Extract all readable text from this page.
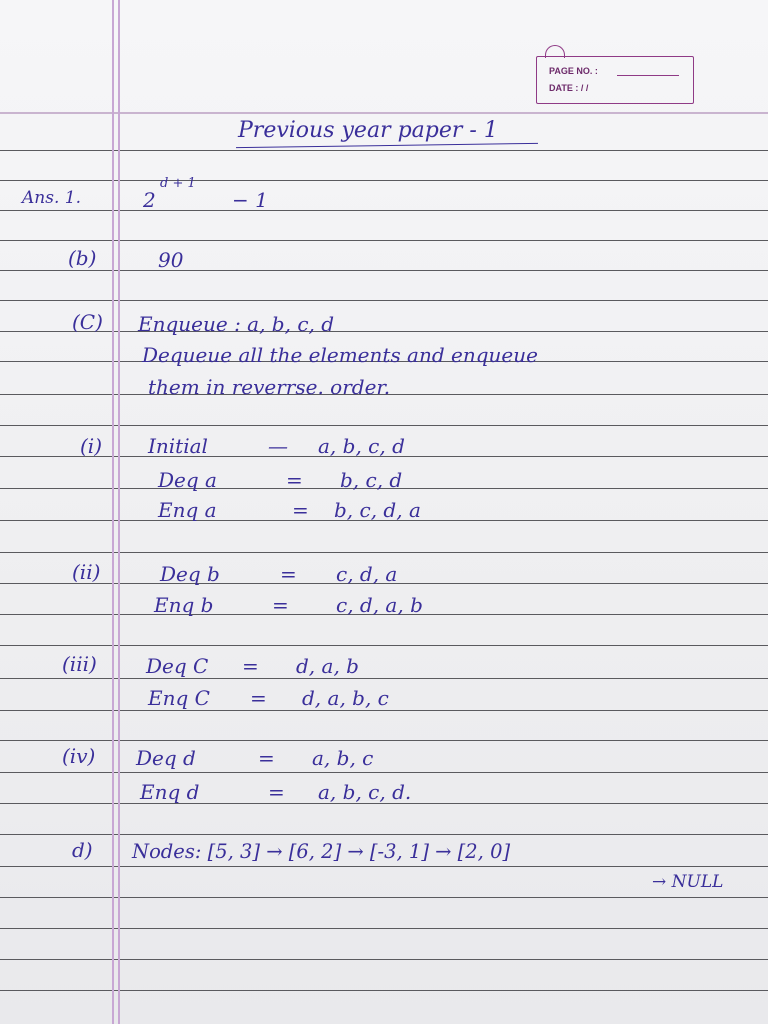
PAGE NO. :
DATE : / /
Previous year paper - 1
Ans. 1.	2
d + 1
− 1
(b)	90
(C) Enqueue : a, b, c, d
Dequeue all the elements and enqueue
them in reverrse. order.
(i) Initial	— a, b, c, d
Deq a	= b, c, d
Enq a	= b, c, d, a
(ii)	Deq b	= c, d, a
Enq b	= c, d, a, b
(iii) Deq C = d, a, b
Enq C = d, a, b, c
(iv) Deq d	= a, b, c
Enq d	= a, b, c, d.
d) Nodes: [5, 3] → [6, 2] → [-3, 1] → [2, 0]
→ NULL
